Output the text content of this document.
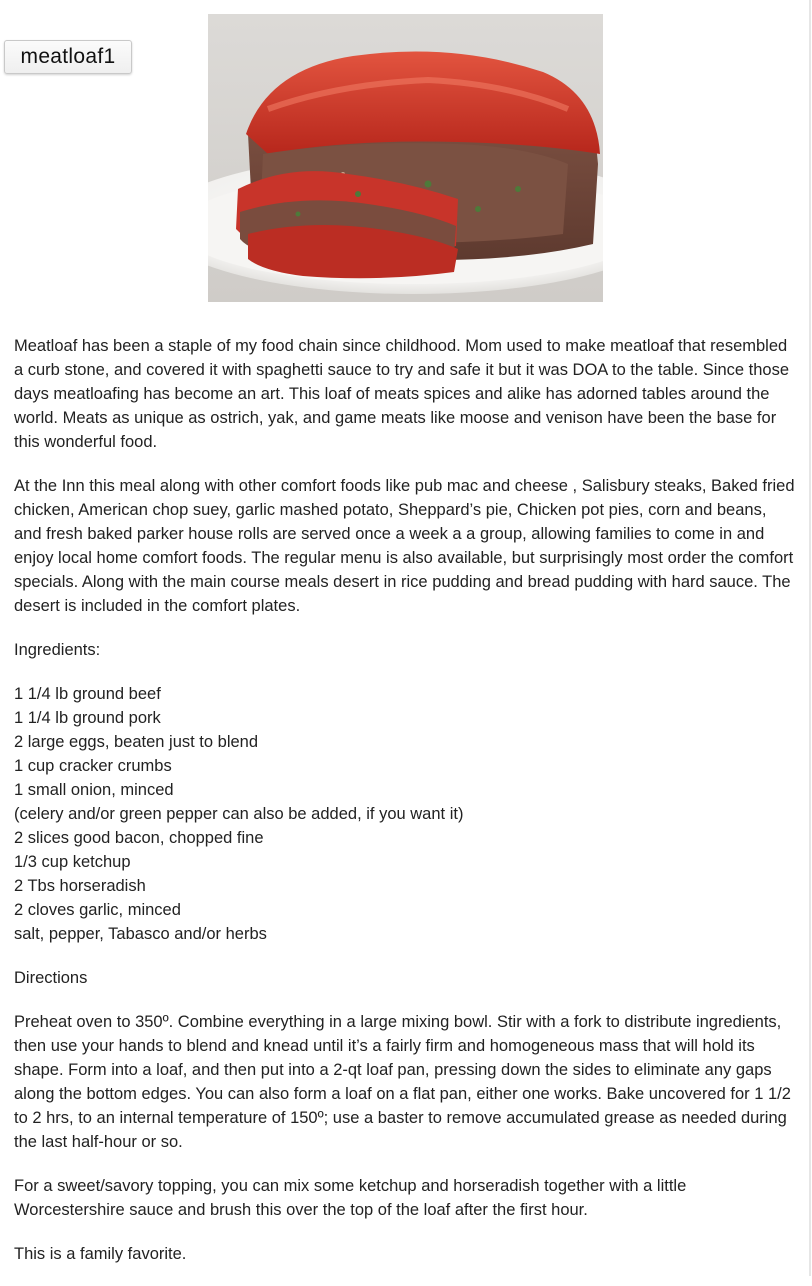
meatloaf1

Meatloaf has been a staple of my food chain since childhood. Mom used to make meatloaf that resembled a curb stone, and covered it with spaghetti sauce to try and safe it but it was DOA to the table. Since those days meatloafing has become an art. This loaf of meats spices and alike has adorned tables around the world. Meats as unique as ostrich, yak, and game meats like moose and venison have been the base for this wonderful food.

At the Inn this meal along with other comfort foods like pub mac and cheese , Salisbury steaks, Baked fried chicken, American chop suey, garlic mashed potato, Sheppard’s pie, Chicken pot pies, corn and beans, and fresh baked parker house rolls are served once a week a a group, allowing families to come in and enjoy local home comfort foods. The regular menu is also available, but surprisingly most order the comfort specials. Along with the main course meals desert in rice pudding and bread pudding with hard sauce. The desert is included in the comfort plates.

Ingredients:

1 1/4 lb ground beef
1 1/4 lb ground pork
2 large eggs, beaten just to blend
1 cup cracker crumbs
1 small onion, minced
(celery and/or green pepper can also be added, if you want it)
2 slices good bacon, chopped fine
1/3 cup ketchup
2 Tbs horseradish
2 cloves garlic, minced
salt, pepper, Tabasco and/or herbs

Directions

Preheat oven to 350º. Combine everything in a large mixing bowl. Stir with a fork to distribute ingredients, then use your hands to blend and knead until it’s a fairly firm and homogeneous mass that will hold its shape. Form into a loaf, and then put into a 2-qt loaf pan, pressing down the sides to eliminate any gaps along the bottom edges. You can also form a loaf on a flat pan, either one works. Bake uncovered for 1 1/2 to 2 hrs, to an internal temperature of 150º; use a baster to remove accumulated grease as needed during the last half-hour or so.

For a sweet/savory topping, you can mix some ketchup and horseradish together with a little Worcestershire sauce and brush this over the top of the loaf after the first hour.

This is a family favorite.
